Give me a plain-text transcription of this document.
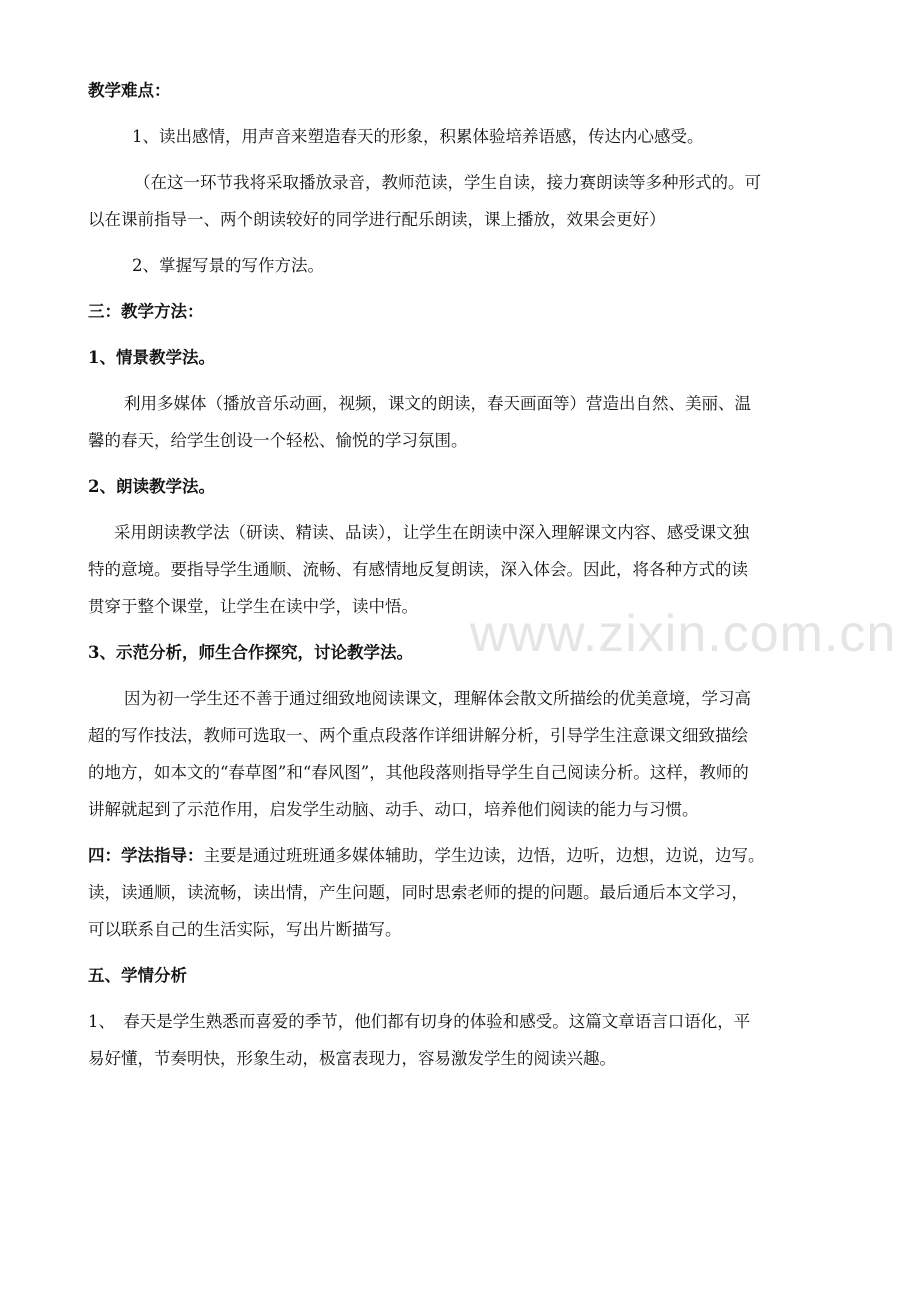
教学难点：

1、读出感情，用声音来塑造春天的形象，积累体验培养语感，传达内心感受。

（在这一环节我将采取播放录音，教师范读，学生自读，接力赛朗读等多种形式的。可

以在课前指导一、两个朗读较好的同学进行配乐朗读，课上播放，效果会更好）

2、掌握写景的写作方法。

三：教学方法：

1、情景教学法。

利用多媒体（播放音乐动画，视频，课文的朗读，春天画面等）营造出自然、美丽、温

馨的春天，给学生创设一个轻松、愉悦的学习氛围。

2、朗读教学法。

采用朗读教学法（研读、精读、品读），让学生在朗读中深入理解课文内容、感受课文独

特的意境。要指导学生通顺、流畅、有感情地反复朗读，深入体会。因此，将各种方式的读

贯穿于整个课堂，让学生在读中学，读中悟。

3、示范分析，师生合作探究，讨论教学法。

因为初一学生还不善于通过细致地阅读课文，理解体会散文所描绘的优美意境，学习高

超的写作技法，教师可选取一、两个重点段落作详细讲解分析，引导学生注意课文细致描绘

的地方，如本文的“春草图”和“春风图”，其他段落则指导学生自己阅读分析。这样，教师的

讲解就起到了示范作用，启发学生动脑、动手、动口，培养他们阅读的能力与习惯。

四：学法指导：主要是通过班班通多媒体辅助，学生边读，边悟，边听，边想，边说，边写。

读，读通顺，读流畅，读出情，产生问题，同时思索老师的提的问题。最后通后本文学习，

可以联系自己的生活实际，写出片断描写。

五、学情分析

1、　春天是学生熟悉而喜爱的季节，他们都有切身的体验和感受。这篇文章语言口语化，平

易好懂，节奏明快，形象生动，极富表现力，容易激发学生的阅读兴趣。

www.zixin.com.cn
